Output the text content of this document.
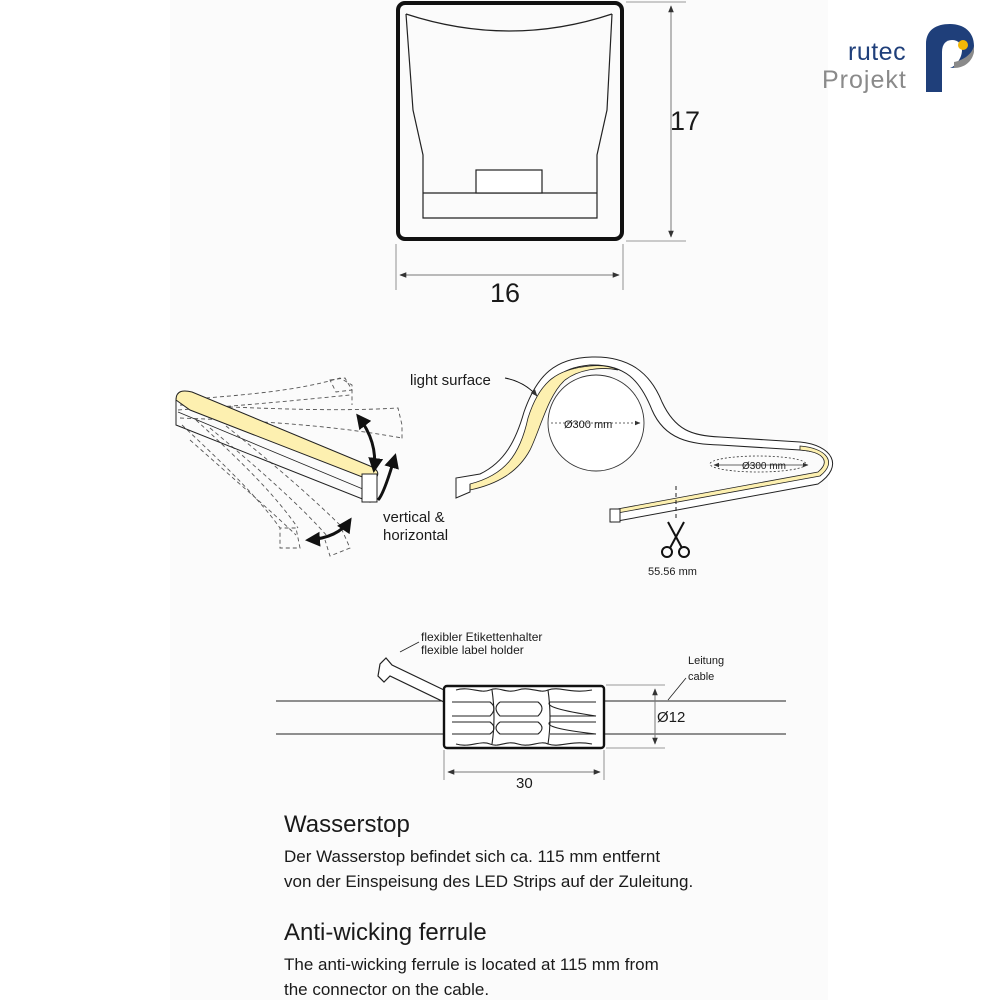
17
16
vertical &
horizontal
Ø300 mm
Ø300 mm
light surface
55.56 mm
Ø12
30
flexibler Etikettenhalter
flexible label holder
Leitung
cable
rutec
Projekt
Wasserstop

Der Wasserstop befindet sich ca. 115 mm entfernt
von der Einspeisung des LED Strips auf der Zuleitung.

Anti-wicking ferrule

The anti-wicking ferrule is located at 115 mm from
the connector on the cable.
